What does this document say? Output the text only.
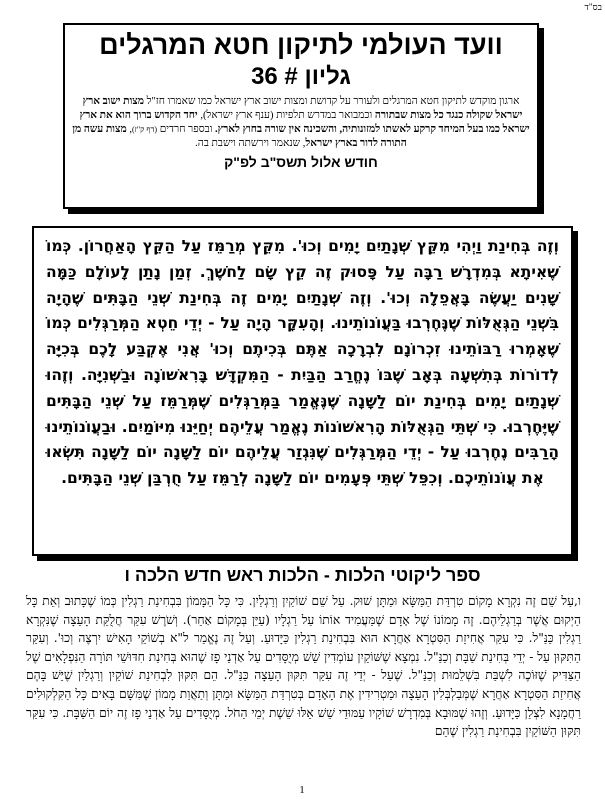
בס"ד
וועד העולמי לתיקון חטא המרגלים
גליון # 36

ארגון מוקדש לתיקון חטא המרגלים ולעורר על קדושת ומצות ישוב ארץ ישראל כמו שאמרו חז"ל מצות ישוב ארץ ישראל שקולה כנגד כל מצות שבתורה וכמבואר במדרש תלפיות (ענף ארץ ישראל), יחד הקדוש ברוך הוא את ארץ ישראל כמו בעל המיחד קרקע לאשתו למזונותיה, והשכינה אין שורה בחוץ לארץ. ובספר חרדים (דף ק"ז), מצות עשה מן התורה לדור בארץ ישראל, שנאמר וירשתה וישבת בה.

חודש אלול תשס"ב לפ"ק

וְזֶה בְּחִינַת וַיְהִי מִקֵּץ שְׁנָתַיִם יָמִים וְכוּ'. מִקֵּץ מְרַמֵּז עַל הַקֵּץ הָאַחֲרוֹן. כְּמוֹ שֶׁאִיתָא בְּמִדְרָשׁ רַבָּה עַל פָּסוּק זֶה קֵץ שָׂם לַחֹשֶׁךְ. זְמַן נָתַן לָעוֹלָם כַּמָּה שָׁנִים יַעֲשֶׂה בָּאֲפֵלָה וְכוּ'. וְזֶה שְׁנָתַיִם יָמִים זֶה בְּחִינַת שְׁנֵי הַבָּתִּים שֶׁהָיָה בִּשְׁנֵי הַגְּאֻלּוֹת שֶׁנֶּחֶרְבוּ בַּעֲוֹנוֹתֵינוּ. וְהָעִקָּר הָיָה עַל - יְדֵי חֵטְא הַמְּרַגְּלִים כְּמוֹ שֶׁאָמְרוּ רַבּוֹתֵינוּ זִכְרוֹנָם לִבְרָכָה אַתֶּם בְּכִיתֶם וְכוּ' אֲנִי אֶקְבַּע לָכֶם בְּכִיָּה לְדוֹרוֹת בְּתִשְׁעָה בְּאָב שֶׁבּוֹ נֶחֱרַב הַבַּיִת - הַמִּקְדָּשׁ בָּרִאשׁוֹנָה וּבַשְּׁנִיָּה. וְזֶהוּ שְׁנָתַיִם יָמִים בְּחִינַת יוֹם לַשָּׁנָה שֶׁנֶּאֱמַר בַּמְּרַגְּלִים שֶׁמְּרַמֵּז עַל שְׁנֵי הַבָּתִּים שֶׁיֶּחֶרְבוּ. כִּי שְׁתֵּי הַגְּאֻלּוֹת הָרִאשׁוֹנוֹת נֶאֱמַר עֲלֵיהֶם יְחַיֵּנוּ מִיּוֹמַיִם. וּבַעֲוֹנוֹתֵינוּ הָרַבִּים נֶחֶרְבוּ עַל - יְדֵי הַמְּרַגְּלִים שֶׁנִּגְזַר עֲלֵיהֶם יוֹם לַשָּׁנָה יוֹם לַשָּׁנָה תִּשְׂאוּ אֶת עֲוֹנוֹתֵיכֶם. וְכִפֵּל שְׁתֵּי פְּעָמִים יוֹם לַשָּׁנָה לְרַמֵּז עַל חֻרְבַּן שְׁנֵי הַבָּתִּים.

ספר ליקוטי הלכות - הלכות ראש חדש הלכה ו

ו,עַל שֵׁם זֶה נִקְרָא מָקוֹם טִרְדַּת הַמַּשָּׂא וּמַתָּן שׁוּק. עַל שֵׁם שׁוֹקַיִן וְרַגְלַיִן. כִּי כָּל הַמָּמוֹן בִּבְחִינַת רַגְלִין כְּמוֹ שֶׁכָּתוּב וְאֵת כָּל הַיְקוּם אֲשֶׁר בְּרַגְלֵיהֶם. זֶה מָמוֹנוֹ שֶׁל אָדָם שֶׁמַּעֲמִיד אוֹתוֹ עַל רַגְלָיו (עַיֵּן בְּמָקוֹם אַחֵר). וְשֹׁרֶשׁ עִקַּר חֲלֻקַּת הָעֵצָה שֶׁנִּקְרָא רַגְלִין כַּנַּ"ל. כִּי עִקַּר אֲחִיזַת הַסִּטְרָא אַחֲרָא הוּא בִּבְחִינַת רַגְלִין כַּיָּדוּעַ. וְעַל זֶה נֶאֱמַר ל"א בְשׁוֹקֵי הָאִישׁ יִרְצֶה וְכוּ'. וְעִקַּר הַתִּקּוּן עַל - יְדֵי בְּחִינַת שַׁבָּת וְכַנַּ"ל. נִמְצָא שֶׁשּׁוֹקַיִן עוֹמְדִין שֵׁשׁ מְיֻסָּדִים עַל אַדְנֵי פָז שֶׁהוּא בְּחִינַת חִדּוּשֵׁי תּוֹרָה הַנִּפְלָאִים שֶׁל הַצַּדִּיק שֶׁזּוֹכֶה לִשְׁבַּת בִּשְׁלֵמוּת וְכַנַּ"ל. שֶׁעַל - יְדֵי זֶה עִקַּר תִּקּוּן הָעֵצָה כַּנַּ"ל. הֵם תִּקּוּן לִבְחִינַת שׁוֹקַיִן וְרַגְלַיִן שֶׁיֵּשׁ בָּהֶם אֲחִיזַת הַסִּטְרָא אַחֲרָא שֶׁמְּבַלְבְּלִין הָעֵצָה וּמַטְרִידִין אֶת הָאָדָם בְּטִרְדַּת הַמַּשָּׂא וּמַתָּן וְתַאֲוַת מָמוֹן שֶׁמִּשָּׁם בָּאִים כָּל הַקִּלְקוּלִים רַחֲמָנָא לִצְלַן כַּיָּדוּעַ. וְזֶהוּ שֶׁמּוּבָא בְּמִדְרָשׁ שׁוֹקָיו עַמּוּדֵי שֵׁשׁ אֵלּוּ שֵׁשֶׁת יְמֵי הַחֹל. מְיֻסָּדִים עַל אַדְנֵי פָז זֶה יוֹם הַשַּׁבָּת. כִּי עִקַּר תִּקּוּן הַשּׁוֹקַיִן בִּבְחִינַת רַגְלִין שֶׁהֵם

1
